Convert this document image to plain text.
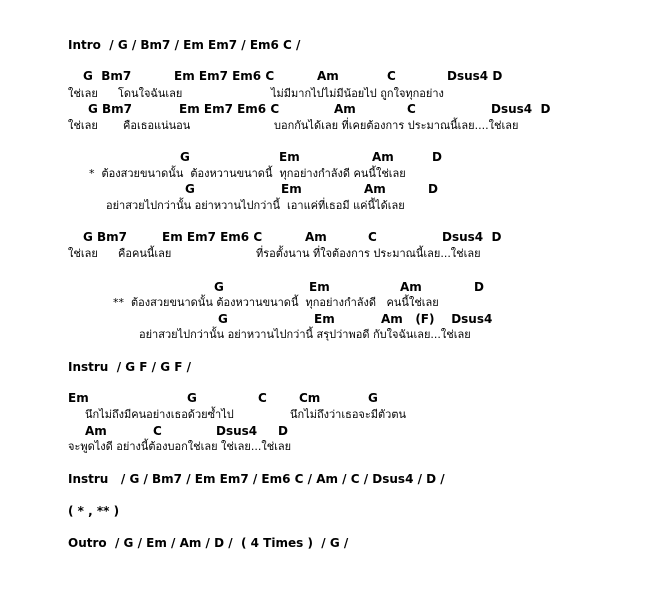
Intro  / G / Bm7 / Em Em7 / Em6 C /
G  Bm7	Em Em7 Em6 C	Am	C	Dsus4 D
ใช่เลย โดนใจฉันเลย	ไม่มีมากไปไม่มีน้อยไป ถูกใจทุกอย่าง
G Bm7	Em Em7 Em6 C	Am	C	Dsus4  D
ใช่เลย คือเธอแน่นอน	บอกกันได้เลย ที่เคยต้องการ ประมาณนี้เลย....ใช่เลย
G	Em	Am	D
*  ต้องสวยขนาดนั้น  ต้องหวานขนาดนี้  ทุกอย่างกำลังดี คนนี้ใช่เลย
G	Em	Am	D
อย่าสวยไปกว่านั้น อย่าหวานไปกว่านี้  เอาแค่ที่เธอมี แค่นี้ได้เลย
G Bm7	Em Em7 Em6 C	Am	C	Dsus4  D
ใช่เลย คือคนนี้เลย	ที่รอตั้งนาน ที่ใจต้องการ ประมาณนี้เลย...ใช่เลย
G	Em	Am	D
**  ต้องสวยขนาดนั้น ต้องหวานขนาดนี้  ทุกอย่างกำลังดี   คนนี้ใช่เลย
G	Em	Am   (F)    Dsus4
อย่าสวยไปกว่านั้น อย่าหวานไปกว่านี้ สรุปว่าพอดี กับใจฉันเลย...ใช่เลย
Instru  / G F / G F /
Em	G	C	Cm	G
นึกไม่ถึงมีคนอย่างเธอด้วยซ้ำไป	นึกไม่ถึงว่าเธอจะมีตัวตน
Am	C	Dsus4     D
จะพูดไงดี อย่างนี้ต้องบอกใช่เลย ใช่เลย...ใช่เลย
Instru   / G / Bm7 / Em Em7 / Em6 C / Am / C / Dsus4 / D /
( * , ** )
Outro  / G / Em / Am / D /  ( 4 Times )  / G /
